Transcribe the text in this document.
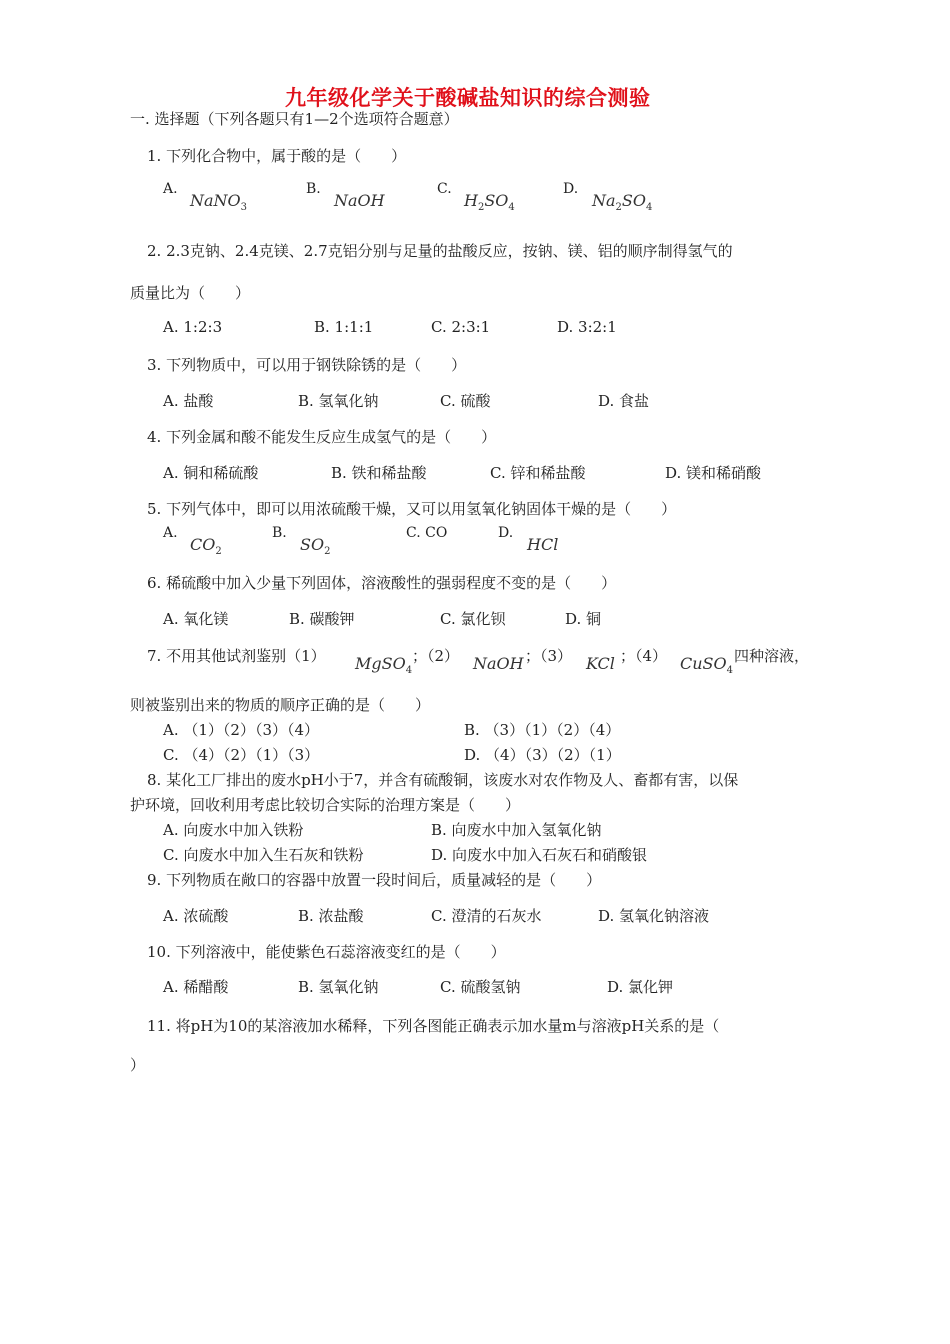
九年级化学关于酸碱盐知识的综合测验
一. 选择题（下列各题只有1—2个选项符合题意）
1. 下列化合物中，属于酸的是（　　）
A.
NaNO$_3$
B.
NaOH
C.
$H_2SO_4$
D.
$Na_2SO_4$
2. 2.3克钠、2.4克镁、2.7克铝分别与足量的盐酸反应，按钠、镁、铝的顺序制得氢气的
质量比为（　　）
A. 1:2:3	B. 1:1:1	C. 2:3:1	D. 3:2:1
3. 下列物质中，可以用于钢铁除锈的是（　　）
A. 盐酸	B. 氢氧化钠	C. 硫酸	D. 食盐
4. 下列金属和酸不能发生反应生成氢气的是（　　）
A. 铜和稀硫酸	B. 铁和稀盐酸	C. 锌和稀盐酸	D. 镁和稀硝酸
5. 下列气体中，即可以用浓硫酸干燥，又可以用氢氧化钠固体干燥的是（　　）
A.
$CO_2$
B.
$SO_2$
C. CO	D.
HCl
6. 稀硫酸中加入少量下列固体，溶液酸性的强弱程度不变的是（　　）
A. 氧化镁	B. 碳酸钾	C. 氯化钡	D. 铜
7. 不用其他试剂鉴别（1） MgSO$_4$
；（2） NaOH ；（3） KCl ；（4） CuSO$_4$
四种溶液，
则被鉴别出来的物质的顺序正确的是（　　）
A. （1）（2）（3）（4）	B. （3）（1）（2）（4）
C. （4）（2）（1）（3）	D. （4）（3）（2）（1）
8. 某化工厂排出的废水pH小于7，并含有硫酸铜，该废水对农作物及人、畜都有害，以保
护环境，回收利用考虑比较切合实际的治理方案是（　　）
A. 向废水中加入铁粉	B. 向废水中加入氢氧化钠
C. 向废水中加入生石灰和铁粉	D. 向废水中加入石灰石和硝酸银
9. 下列物质在敞口的容器中放置一段时间后，质量减轻的是（　　）
A. 浓硫酸	B. 浓盐酸	C. 澄清的石灰水	D. 氢氧化钠溶液
10. 下列溶液中，能使紫色石蕊溶液变红的是（　　）
A. 稀醋酸	B. 氢氧化钠	C. 硫酸氢钠	D. 氯化钾
11. 将pH为10的某溶液加水稀释，下列各图能正确表示加水量m与溶液pH关系的是（
）
